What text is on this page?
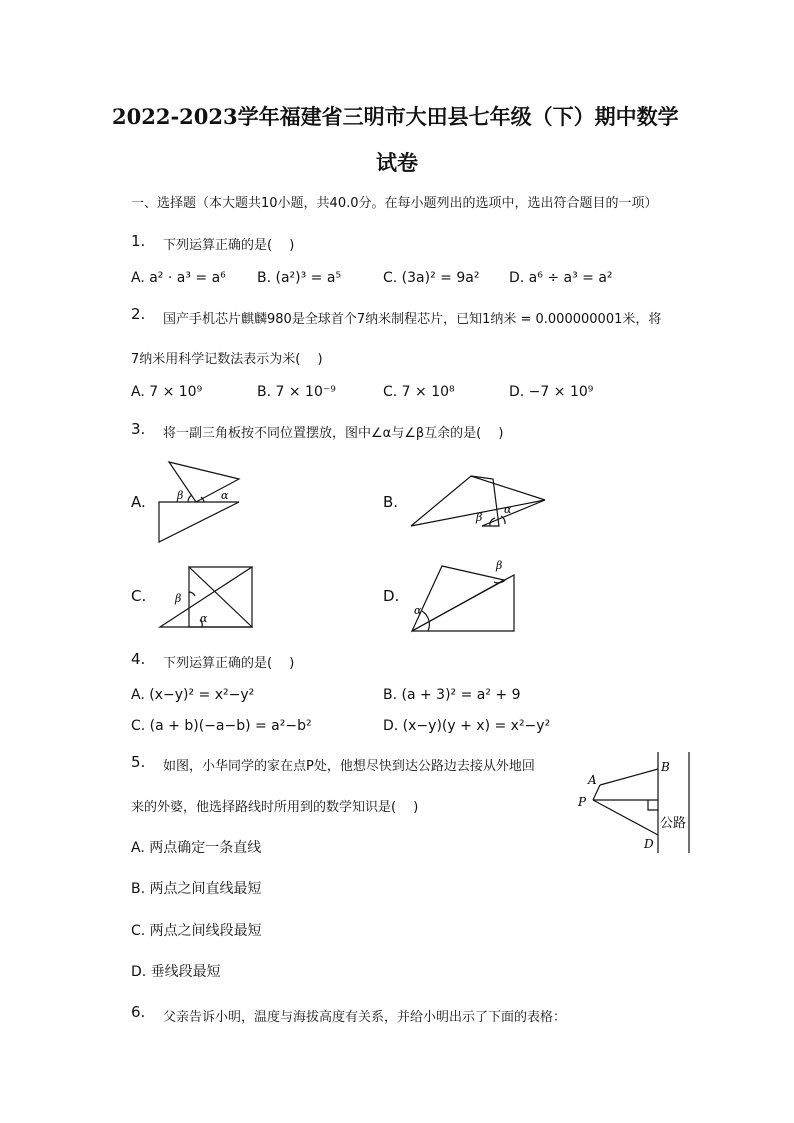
2022-2023学年福建省三明市大田县七年级（下）期中数学
试卷
一、选择题（本大题共10小题，共40.0分。在每小题列出的选项中，选出符合题目的一项）
1. 下列运算正确的是(　 )
A. a² · a³ = a⁶ B. (a²)³ = a⁵	C. (3a)² = 9a² D. a⁶ ÷ a³ = a²
2. 国产手机芯片麒麟980是全球首个7纳米制程芯片，已知1纳米 = 0.000000001米，将
7纳米用科学记数法表示为米(　 )
A. 7 × 10⁹	B. 7 × 10⁻⁹	C. 7 × 10⁸	D. −7 × 10⁹
3. 将一副三角板按不同位置摆放，图中∠α与∠β互余的是(　 )
A.	B.
C.	D.
β	α
β
α
β
α
α
β
4. 下列运算正确的是(　 )
A. (x−y)² = x²−y²	B. (a + 3)² = a² + 9
C. (a + b)(−a−b) = a²−b²	D. (x−y)(y + x) = x²−y²
5. 如图，小华同学的家在点P处，他想尽快到达公路边去接从外地回
来的外婆，他选择路线时所用到的数学知识是(　 )
A. 两点确定一条直线
B. 两点之间直线最短
C. 两点之间线段最短
D. 垂线段最短
A
B
P
D
公路
6. 父亲告诉小明，温度与海拔高度有关系，并给小明出示了下面的表格：
